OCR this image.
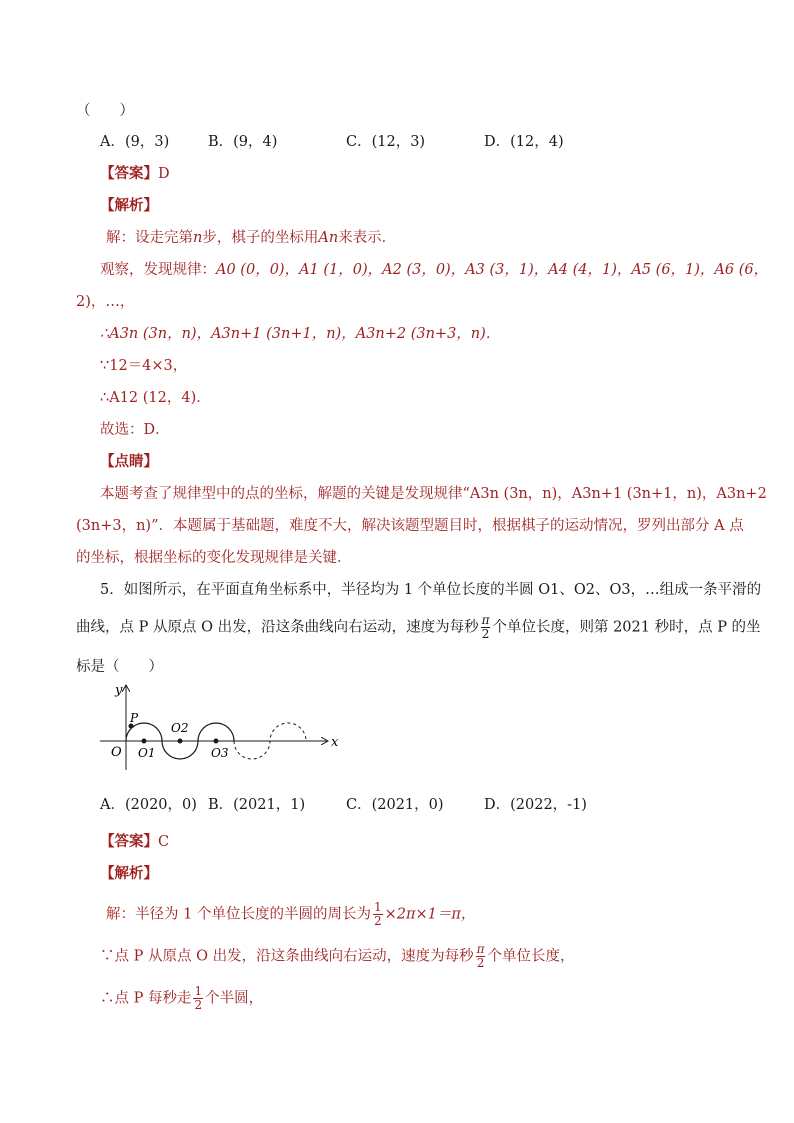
（　　）
A．(9，3)	B．(9，4)	C．(12，3)	D．(12，4)
【答案】D
【解析】
解：设走完第n步，棋子的坐标用An来表示．
观察，发现规律：A0 (0，0)，A1 (1，0)，A2 (3，0)，A3 (3，1)，A4 (4，1)，A5 (6，1)，A6 (6，
2)，…，
∴A3n (3n，n)，A3n+1 (3n+1，n)，A3n+2 (3n+3，n)．
∵12＝4×3，
∴A12 (12，4)．
故选：D．
【点睛】
本题考查了规律型中的点的坐标，解题的关键是发现规律“A3n (3n，n)，A3n+1 (3n+1，n)，A3n+2
(3n+3，n)”．本题属于基础题，难度不大，解决该题型题目时，根据棋子的运动情况，罗列出部分 A 点
的坐标，根据坐标的变化发现规律是关键．
5．如图所示，在平面直角坐标系中，半径均为 1 个单位长度的半圆 O1、O2、O3，…组成一条平滑的
曲线，点 P 从原点 O 出发，沿这条曲线向右运动，速度为每秒 $\frac{\pi}{2}$ 个单位长度，则第 2021 秒时，点 P 的坐
标是（　　）
y
x
O
P
O1
O2
O3
A．(2020，0) B．(2021，1)	C．(2021，0)	D．(2022，-1)
【答案】C
【解析】
解：半径为 1 个单位长度的半圆的周长为 $\frac{1}{2} \times 2\pi\times 1=\pi$，
∵点 P 从原点 O 出发，沿这条曲线向右运动，速度为每秒 $\frac{\pi}{2}$ 个单位长度，
∴点 P 每秒走 $\frac{1}{2}$ 个半圆，
